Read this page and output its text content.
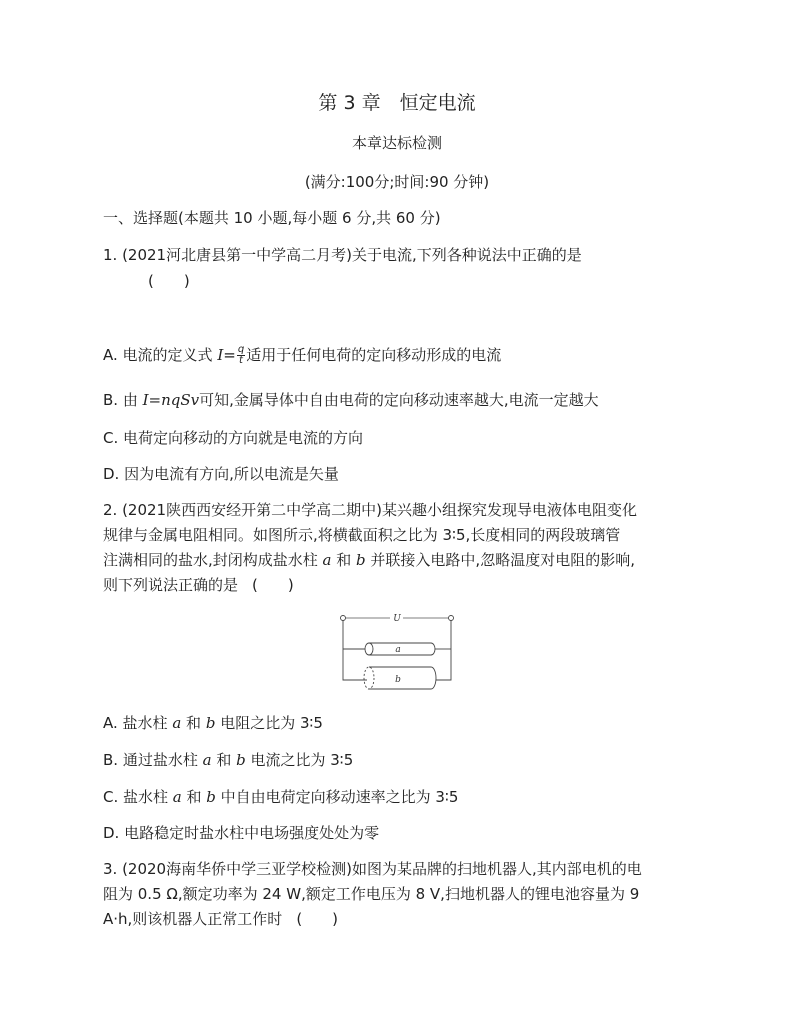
第 3 章　恒定电流
本章达标检测
(满分:100分;时间:90 分钟)
一、选择题(本题共 10 小题,每小题 6 分,共 60 分)
1. (2021河北唐县第一中学高二月考)关于电流,下列各种说法中正确的是
(　　)
A. 电流的定义式 $I= \frac{q}{t}$ 适用于任何电荷的定向移动形成的电流
B. 由 I=nqSv可知,金属导体中自由电荷的定向移动速率越大,电流一定越大
C. 电荷定向移动的方向就是电流的方向
D. 因为电流有方向,所以电流是矢量
2. (2021陕西西安经开第二中学高二期中)某兴趣小组探究发现导电液体电阻变化
规律与金属电阻相同。如图所示,将横截面积之比为 3∶5,长度相同的两段玻璃管
注满相同的盐水,封闭构成盐水柱 a 和 b 并联接入电路中,忽略温度对电阻的影响,
则下列说法正确的是 (　　)
U
a
b
A. 盐水柱 a 和 b 电阻之比为 3∶5
B. 通过盐水柱 a 和 b 电流之比为 3∶5
C. 盐水柱 a 和 b 中自由电荷定向移动速率之比为 3∶5
D. 电路稳定时盐水柱中电场强度处处为零
3. (2020海南华侨中学三亚学校检测)如图为某品牌的扫地机器人,其内部电机的电
阻为 0.5 Ω,额定功率为 24 W,额定工作电压为 8 V,扫地机器人的锂电池容量为 9
A·h,则该机器人正常工作时 (　　)
